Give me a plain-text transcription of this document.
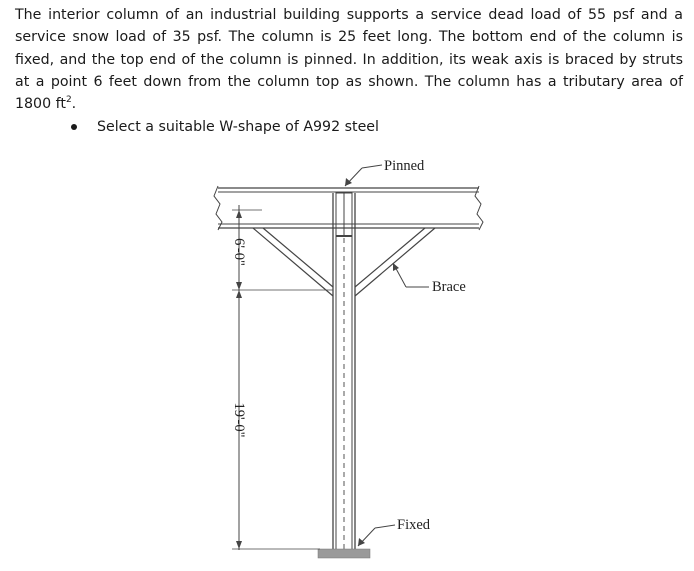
The interior column of an industrial building supports a service dead load of 55 psf and a service snow load of 35 psf. The column is 25 feet long. The bottom end of the column is fixed, and the top end of the column is pinned. In addition, its weak axis is braced by struts at a point 6 feet down from the column top as shown. The column has a tributary area of 1800 $ft^2$.

Select a suitable W-shape of A992 steel
6'-0"
19'-0"
Pinned
Brace
Fixed
